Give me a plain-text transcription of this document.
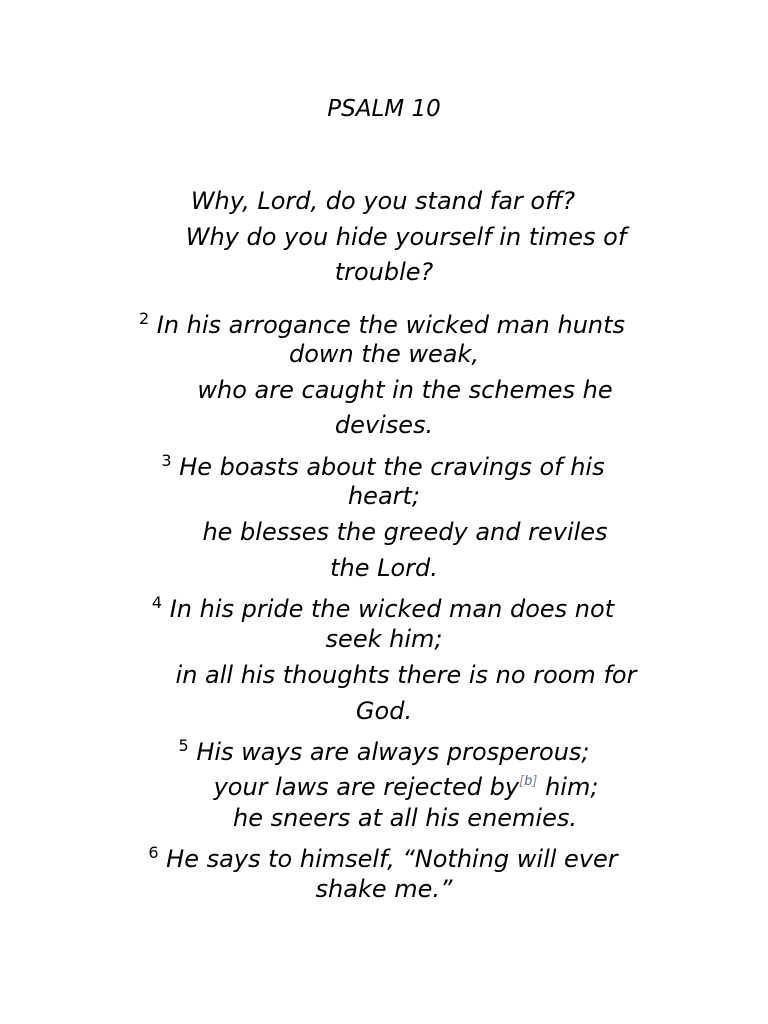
PSALM 10
Why, Lord, do you stand far off?
Why do you hide yourself in times of
trouble?
$^2$ In his arrogance the wicked man hunts
down the weak,
who are caught in the schemes he
devises.
$^3$ He boasts about the cravings of his
heart;
he blesses the greedy and reviles
the Lord.
$^4$ In his pride the wicked man does not
seek him;
in all his thoughts there is no room for
God.
$^5$ His ways are always prosperous;
your laws are rejected by[b] him;
he sneers at all his enemies.
$^6$ He says to himself, “Nothing will ever
shake me.”
